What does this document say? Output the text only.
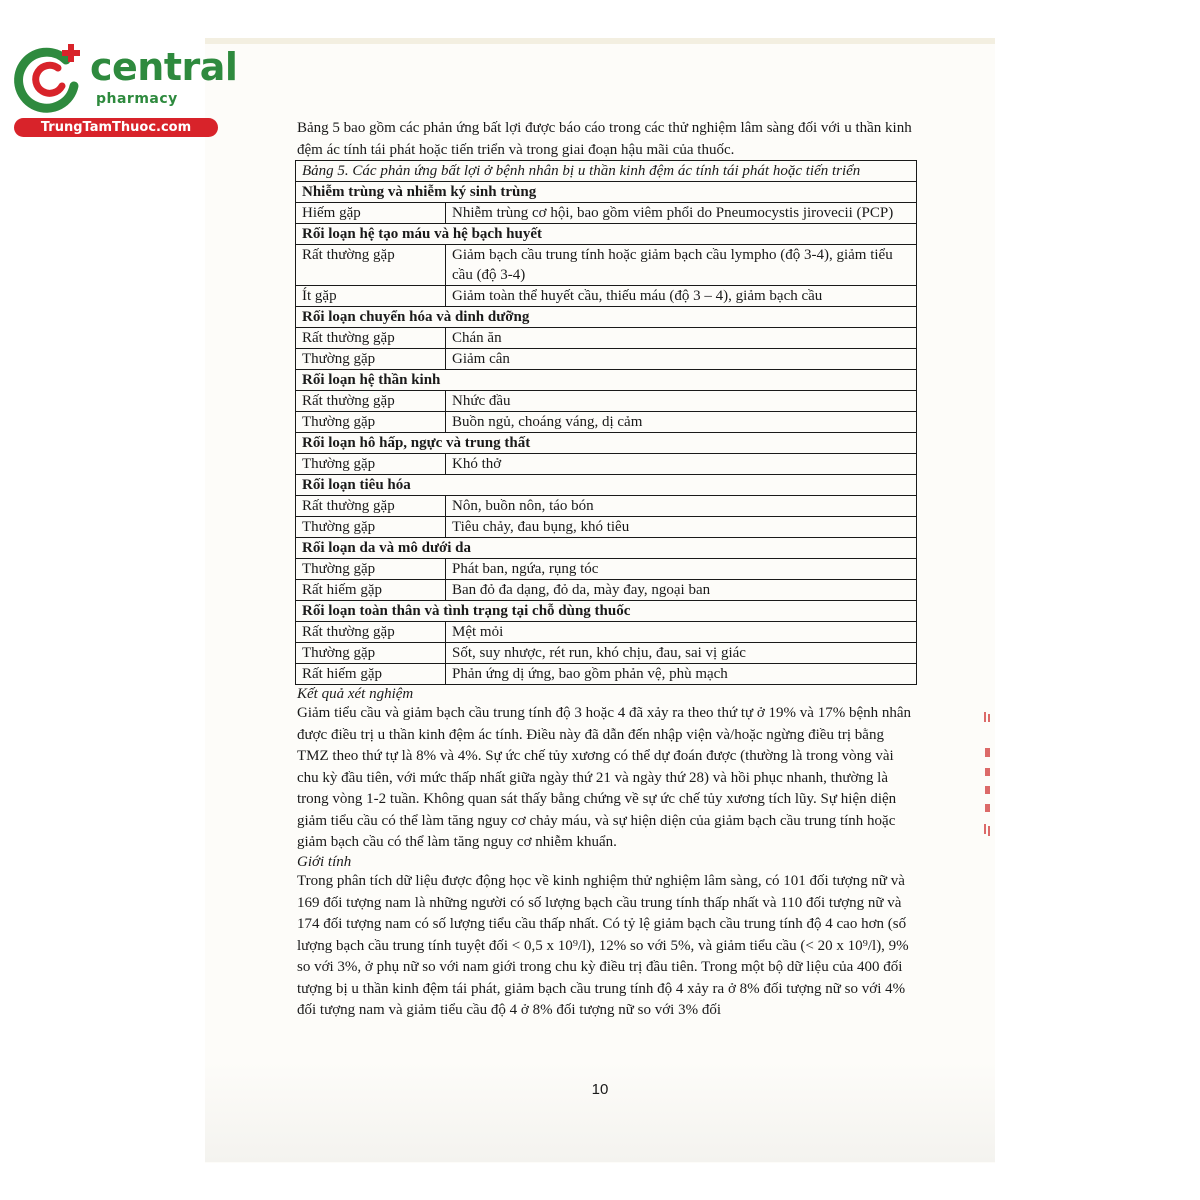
central
pharmacy
TrungTamThuoc.com	Bảng 5 bao gồm các phản ứng bất lợi được báo cáo trong các thử nghiệm lâm sàng đối với u thần kinh đệm ác tính tái phát hoặc tiến triển và trong giai đoạn hậu mãi của thuốc.
Bảng 5. Các phản ứng bất lợi ở bệnh nhân bị u thần kinh đệm ác tính tái phát hoặc tiến triển	
Nhiễm trùng và nhiễm ký sinh trùng	
Hiếm gặp	Nhiễm trùng cơ hội, bao gồm viêm phổi do Pneumocystis jirovecii (PCP)
Rối loạn hệ tạo máu và hệ bạch huyết	
Rất thường gặp	Giảm bạch cầu trung tính hoặc giảm bạch cầu lympho (độ 3-4), giảm tiểu cầu (độ 3-4)
Ít gặp	Giảm toàn thể huyết cầu, thiếu máu (độ 3 – 4), giảm bạch cầu
Rối loạn chuyển hóa và dinh dưỡng	
Rất thường gặp	Chán ăn
Thường gặp	Giảm cân
Rối loạn hệ thần kinh	
Rất thường gặp	Nhức đầu
Thường gặp	Buồn ngủ, choáng váng, dị cảm
Rối loạn hô hấp, ngực và trung thất	
Thường gặp	Khó thở
Rối loạn tiêu hóa	
Rất thường gặp	Nôn, buồn nôn, táo bón
Thường gặp	Tiêu chảy, đau bụng, khó tiêu
Rối loạn da và mô dưới da	
Thường gặp	Phát ban, ngứa, rụng tóc
Rất hiếm gặp	Ban đỏ đa dạng, đỏ da, mày đay, ngoại ban
Rối loạn toàn thân và tình trạng tại chỗ dùng thuốc	
Rất thường gặp	Mệt mỏi
Thường gặp	Sốt, suy nhược, rét run, khó chịu, đau, sai vị giác
Rất hiếm gặp	Phản ứng dị ứng, bao gồm phản vệ, phù mạch
Kết quả xét nghiệm
Giảm tiểu cầu và giảm bạch cầu trung tính độ 3 hoặc 4 đã xảy ra theo thứ tự ở 19% và 17% bệnh nhân được điều trị u thần kinh đệm ác tính. Điều này đã dẫn đến nhập viện và/hoặc ngừng điều trị bằng TMZ theo thứ tự là 8% và 4%. Sự ức chế tủy xương có thể dự đoán được (thường là trong vòng vài chu kỳ đầu tiên, với mức thấp nhất giữa ngày thứ 21 và ngày thứ 28) và hồi phục nhanh, thường là trong vòng 1-2 tuần. Không quan sát thấy bằng chứng về sự ức chế tủy xương tích lũy. Sự hiện diện giảm tiểu cầu có thể làm tăng nguy cơ chảy máu, và sự hiện diện của giảm bạch cầu trung tính hoặc giảm bạch cầu có thể làm tăng nguy cơ nhiễm khuẩn.
Giới tính
Trong phân tích dữ liệu được động học về kinh nghiệm thử nghiệm lâm sàng, có 101 đối tượng nữ và 169 đối tượng nam là những người có số lượng bạch cầu trung tính thấp nhất và 110 đối tượng nữ và 174 đối tượng nam có số lượng tiểu cầu thấp nhất. Có tỷ lệ giảm bạch cầu trung tính độ 4 cao hơn (số lượng bạch cầu trung tính tuyệt đối < 0,5 x 10⁹/l), 12% so với 5%, và giảm tiểu cầu (< 20 x 10⁹/l), 9% so với 3%, ở phụ nữ so với nam giới trong chu kỳ điều trị đầu tiên. Trong một bộ dữ liệu của 400 đối tượng bị u thần kinh đệm tái phát, giảm bạch cầu trung tính độ 4 xảy ra ở 8% đối tượng nữ so với 4% đối tượng nam và giảm tiểu cầu độ 4 ở 8% đối tượng nữ so với 3% đối
10
